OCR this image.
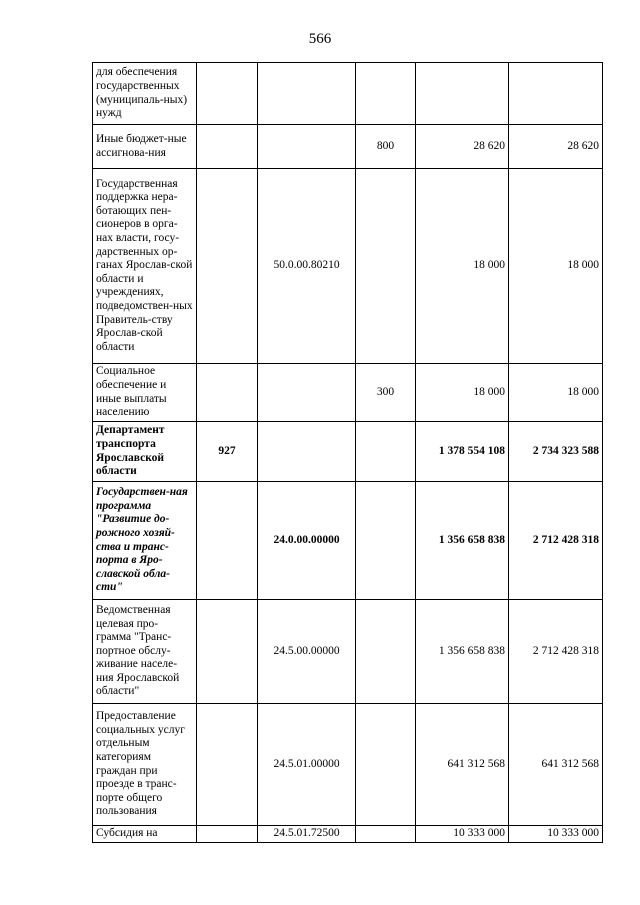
566
для обеспечения государственных (муниципаль-ных) нужд					
Иные бюджет-ные ассигнова-ния			800	28 620	28 620
Государственная поддержка нера-ботающих пен-сионеров в орга-нах власти, госу-дарственных ор-ганах Ярослав-ской области и учреждениях, подведомствен-ных Правитель-ству Ярослав-ской области		50.0.00.80210		18 000	18 000
Социальное обеспечение и иные выплаты населению			300	18 000	18 000
Департамент транспорта Ярославской области	927			1 378 554 108	2 734 323 588
Государствен-ная программа "Развитие до-рожного хозяй-ства и транс-порта в Яро-славской обла-сти"		24.0.00.00000		1 356 658 838	2 712 428 318
Ведомственная целевая про-грамма "Транс-портное обслу-живание населе-ния Ярославской области"		24.5.00.00000		1 356 658 838	2 712 428 318
Предоставление социальных услуг отдельным категориям граждан при проезде в транс-порте общего пользования		24.5.01.00000		641 312 568	641 312 568
Субсидия на		24.5.01.72500		10 333 000	10 333 000
